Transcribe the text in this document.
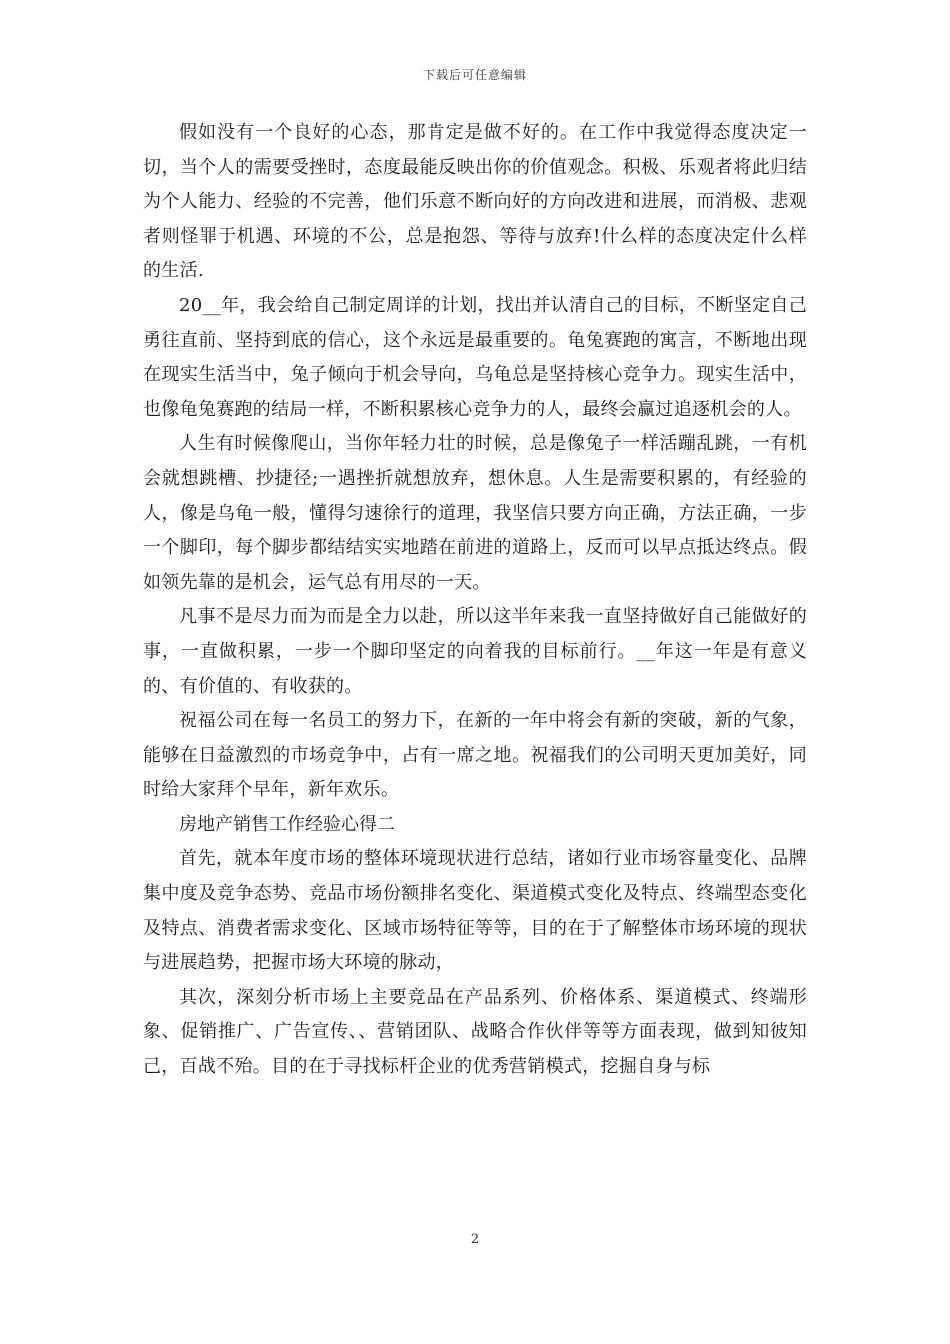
下载后可任意编辑

假如没有一个良好的心态，那肯定是做不好的。在工作中我觉得态度决定一切，当个人的需要受挫时，态度最能反映出你的价值观念。积极、乐观者将此归结为个人能力、经验的不完善，他们乐意不断向好的方向改进和进展，而消极、悲观者则怪罪于机遇、环境的不公，总是抱怨、等待与放弃!什么样的态度决定什么样的生活.

20__年，我会给自己制定周详的计划，找出并认清自己的目标，不断坚定自己勇往直前、坚持到底的信心，这个永远是最重要的。龟兔赛跑的寓言，不断地出现在现实生活当中，兔子倾向于机会导向，乌龟总是坚持核心竞争力。现实生活中，也像龟兔赛跑的结局一样，不断积累核心竞争力的人，最终会赢过追逐机会的人。

人生有时候像爬山，当你年轻力壮的时候，总是像兔子一样活蹦乱跳，一有机会就想跳槽、抄捷径;一遇挫折就想放弃，想休息。人生是需要积累的，有经验的人，像是乌龟一般，懂得匀速徐行的道理，我坚信只要方向正确，方法正确，一步一个脚印，每个脚步都结结实实地踏在前进的道路上，反而可以早点抵达终点。假如领先靠的是机会，运气总有用尽的一天。

凡事不是尽力而为而是全力以赴，所以这半年来我一直坚持做好自己能做好的事，一直做积累，一步一个脚印坚定的向着我的目标前行。__年这一年是有意义的、有价值的、有收获的。

祝福公司在每一名员工的努力下，在新的一年中将会有新的突破，新的气象，能够在日益激烈的市场竞争中，占有一席之地。祝福我们的公司明天更加美好，同时给大家拜个早年，新年欢乐。

房地产销售工作经验心得二

首先，就本年度市场的整体环境现状进行总结，诸如行业市场容量变化、品牌集中度及竞争态势、竞品市场份额排名变化、渠道模式变化及特点、终端型态变化及特点、消费者需求变化、区域市场特征等等，目的在于了解整体市场环境的现状与进展趋势，把握市场大环境的脉动，

其次，深刻分析市场上主要竞品在产品系列、价格体系、渠道模式、终端形象、促销推广、广告宣传、、营销团队、战略合作伙伴等等方面表现，做到知彼知己，百战不殆。目的在于寻找标杆企业的优秀营销模式，挖掘自身与标

2
